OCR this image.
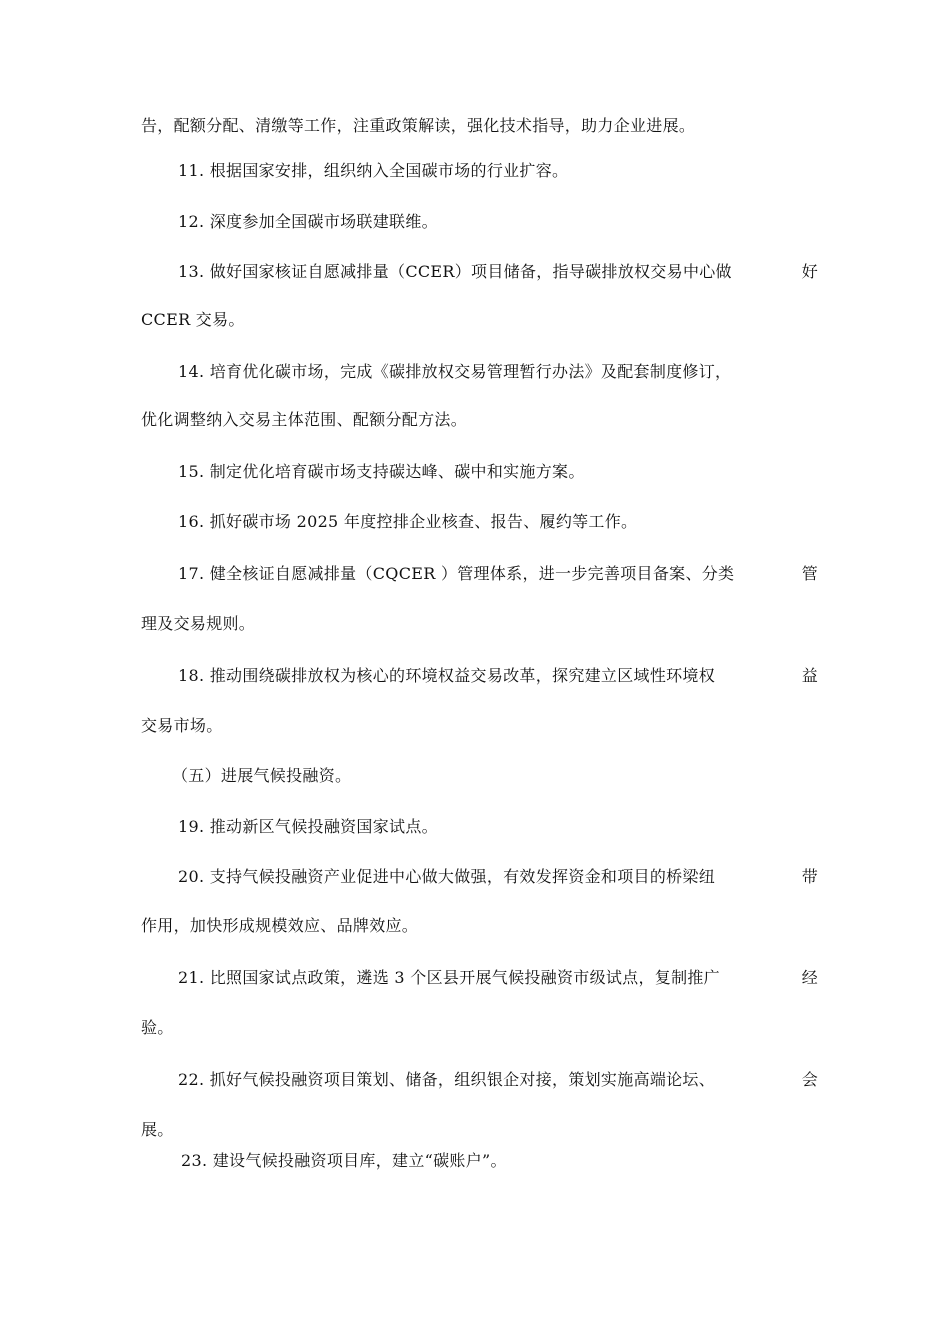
告，配额分配、清缴等工作，注重政策解读，强化技术指导，助力企业进展。
11. 根据国家安排，组织纳入全国碳市场的行业扩容。
12. 深度参加全国碳市场联建联维。
13. 做好国家核证自愿减排量（CCER）项目储备，指导碳排放权交易中心做	好
CCER 交易。
14. 培育优化碳市场，完成《碳排放权交易管理暂行办法》及配套制度修订，
优化调整纳入交易主体范围、配额分配方法。
15. 制定优化培育碳市场支持碳达峰、碳中和实施方案。
16. 抓好碳市场 2025 年度控排企业核查、报告、履约等工作。
17. 健全核证自愿减排量（CQCER ）管理体系，进一步完善项目备案、分类	管
理及交易规则。
18. 推动围绕碳排放权为核心的环境权益交易改革，探究建立区域性环境权	益
交易市场。
（五）进展气候投融资。
19. 推动新区气候投融资国家试点。
20. 支持气候投融资产业促进中心做大做强，有效发挥资金和项目的桥梁纽	带
作用，加快形成规模效应、品牌效应。
21. 比照国家试点政策，遴选 3 个区县开展气候投融资市级试点，复制推广	经
验。
22. 抓好气候投融资项目策划、储备，组织银企对接，策划实施高端论坛、	会
展。
23. 建设气候投融资项目库，建立“碳账户”。
